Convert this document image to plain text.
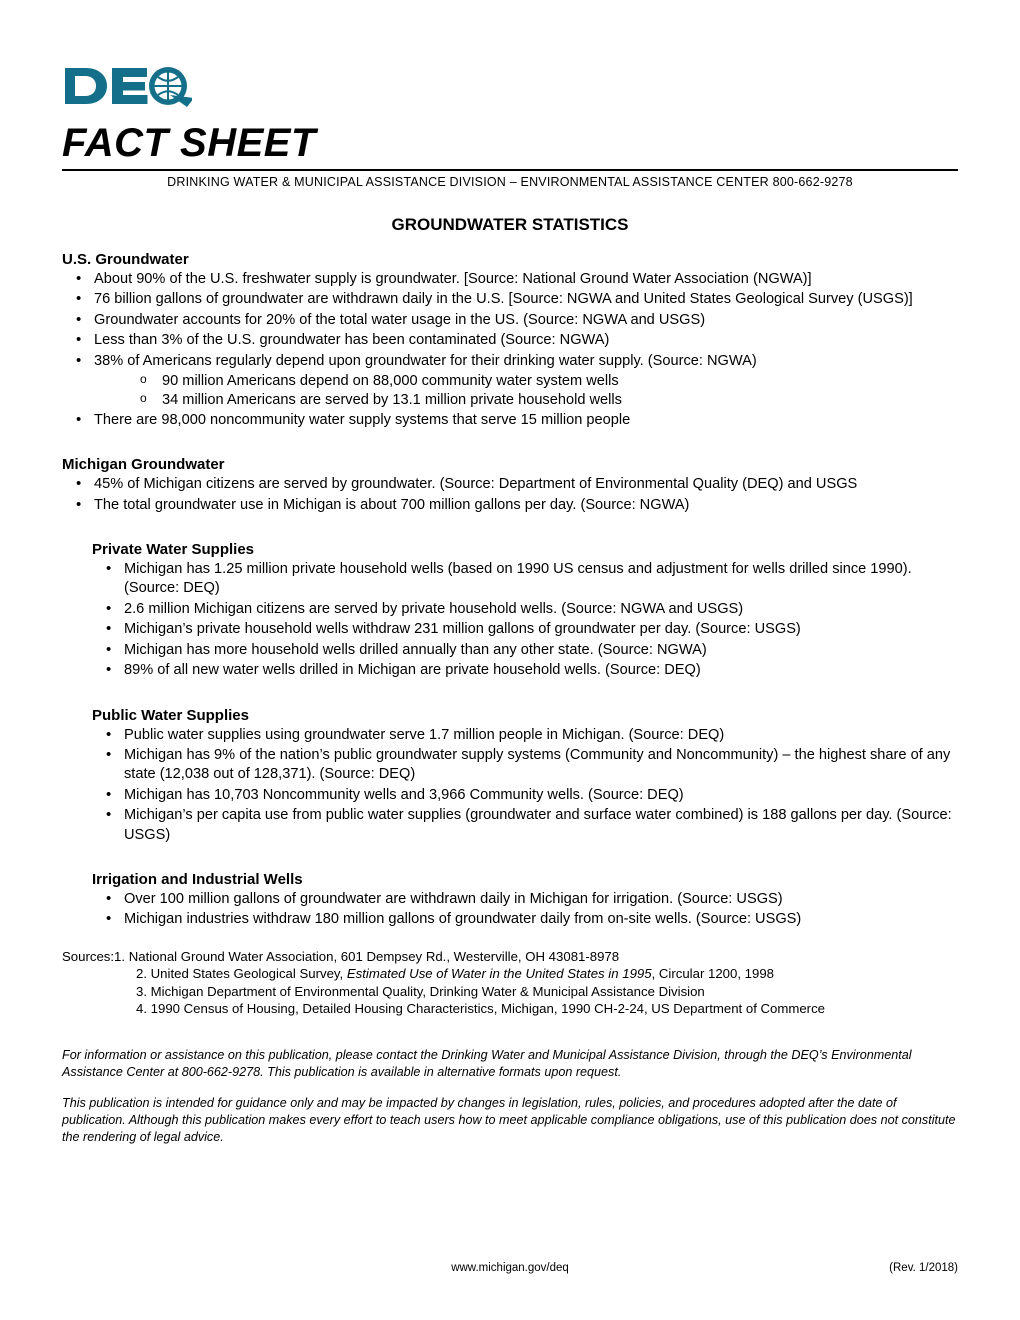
FACT SHEET
DRINKING WATER & MUNICIPAL ASSISTANCE DIVISION – ENVIRONMENTAL ASSISTANCE CENTER 800-662-9278
GROUNDWATER STATISTICS
U.S. Groundwater
• About 90% of the U.S. freshwater supply is groundwater. [Source: National Ground Water Association (NGWA)]
• 76 billion gallons of groundwater are withdrawn daily in the U.S. [Source: NGWA and United States Geological Survey (USGS)]
• Groundwater accounts for 20% of the total water usage in the US. (Source: NGWA and USGS)
• Less than 3% of the U.S. groundwater has been contaminated (Source: NGWA)
• 38% of Americans regularly depend upon groundwater for their drinking water supply. (Source: NGWA)
o 90 million Americans depend on 88,000 community water system wells
o 34 million Americans are served by 13.1 million private household wells
• There are 98,000 noncommunity water supply systems that serve 15 million people
Michigan Groundwater
• 45% of Michigan citizens are served by groundwater. (Source: Department of Environmental Quality (DEQ) and USGS
• The total groundwater use in Michigan is about 700 million gallons per day. (Source: NGWA)
Private Water Supplies
• Michigan has 1.25 million private household wells (based on 1990 US census and adjustment for wells drilled since 1990). (Source: DEQ)
• 2.6 million Michigan citizens are served by private household wells. (Source: NGWA and USGS)
• Michigan’s private household wells withdraw 231 million gallons of groundwater per day. (Source: USGS)
• Michigan has more household wells drilled annually than any other state. (Source: NGWA)
• 89% of all new water wells drilled in Michigan are private household wells. (Source: DEQ)
Public Water Supplies
• Public water supplies using groundwater serve 1.7 million people in Michigan. (Source: DEQ)
• Michigan has 9% of the nation’s public groundwater supply systems (Community and Noncommunity) – the highest share of any state (12,038 out of 128,371). (Source: DEQ)
• Michigan has 10,703 Noncommunity wells and 3,966 Community wells. (Source: DEQ)
• Michigan’s per capita use from public water supplies (groundwater and surface water combined) is 188 gallons per day. (Source: USGS)
Irrigation and Industrial Wells
• Over 100 million gallons of groundwater are withdrawn daily in Michigan for irrigation. (Source: USGS)
• Michigan industries withdraw 180 million gallons of groundwater daily from on-site wells. (Source: USGS)

Sources:1. National Ground Water Association, 601 Dempsey Rd., Westerville, OH 43081-8978

2. United States Geological Survey, Estimated Use of Water in the United States in 1995, Circular 1200, 1998

3. Michigan Department of Environmental Quality, Drinking Water & Municipal Assistance Division

4. 1990 Census of Housing, Detailed Housing Characteristics, Michigan, 1990 CH-2-24, US Department of Commerce

For information or assistance on this publication, please contact the Drinking Water and Municipal Assistance Division, through the DEQ’s Environmental Assistance Center at 800-662-9278. This publication is available in alternative formats upon request.

This publication is intended for guidance only and may be impacted by changes in legislation, rules, policies, and procedures adopted after the date of publication. Although this publication makes every effort to teach users how to meet applicable compliance obligations, use of this publication does not constitute the rendering of legal advice.

www.michigan.gov/deq	(Rev. 1/2018)
